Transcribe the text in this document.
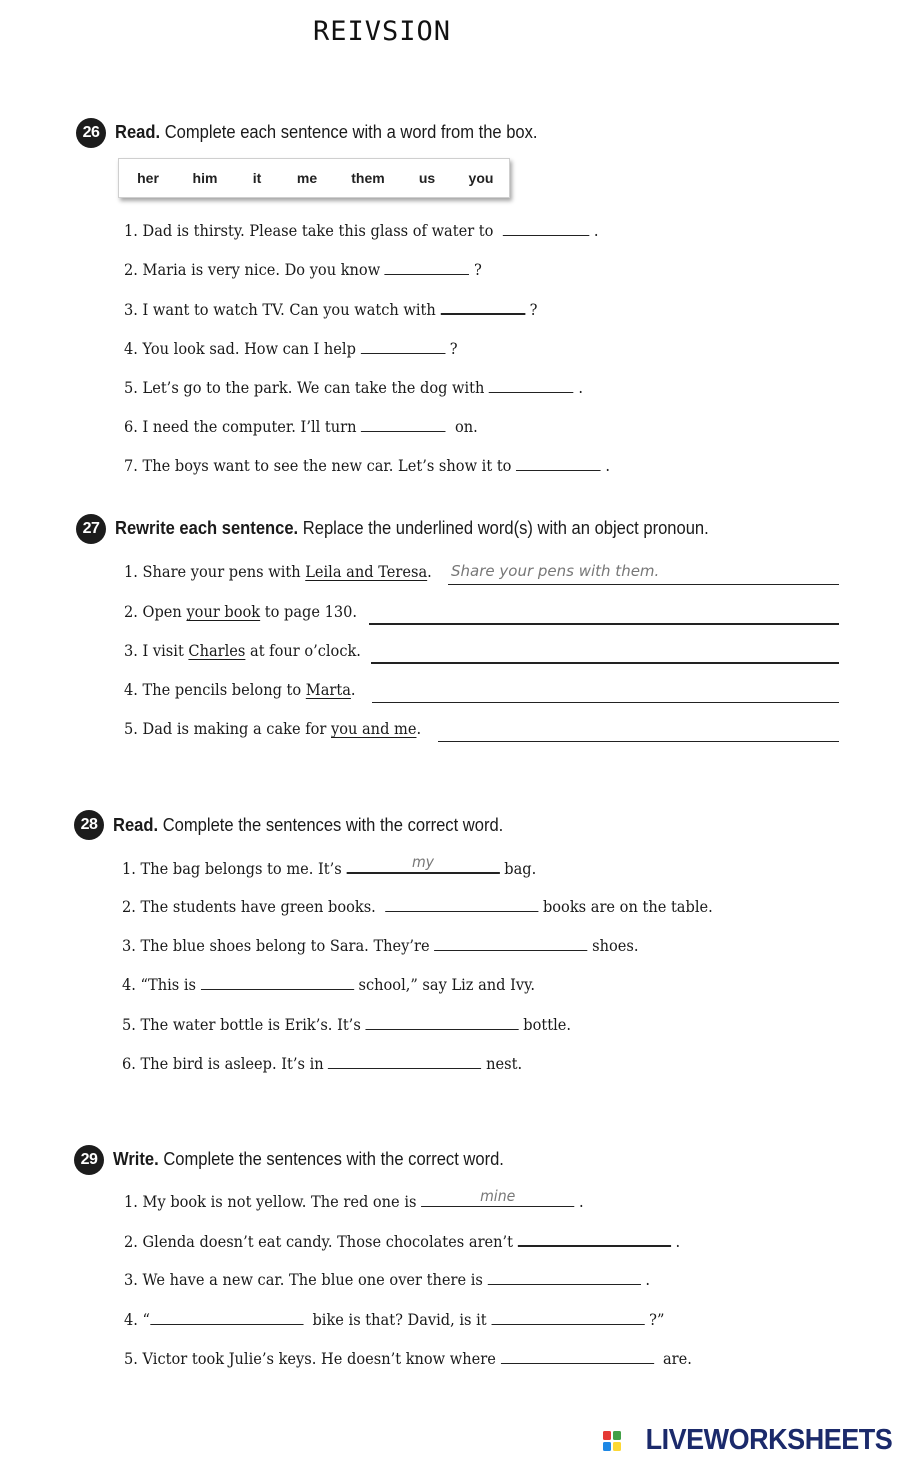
REIVSION
26 Read. Complete each sentence with a word from the box.
her him	it	me them us you
1. Dad is thirsty. Please take this glass of water to	.
2. Maria is very nice. Do you know	?
3. I want to watch TV. Can you watch with	?
4. You look sad. How can I help	?
5. Let’s go to the park. We can take the dog with	.
6. I need the computer. I’ll turn	on.
7. The boys want to see the new car. Let’s show it to	.
27 Rewrite each sentence. Replace the underlined word(s) with an object pronoun.
1. Share your pens with Leila and Teresa. Share your pens with them.
2. Open your book to page 130.
3. I visit Charles at four o’clock.
4. The pencils belong to Marta.
5. Dad is making a cake for you and me.
28 Read. Complete the sentences with the correct word.
1. The bag belongs to me. It’s	my	bag.
2. The students have green books.	books are on the table.
3. The blue shoes belong to Sara. They’re	shoes.
4. “This is	school,” say Liz and Ivy.
5. The water bottle is Erik’s. It’s	bottle.
6. The bird is asleep. It’s in	nest.
29 Write. Complete the sentences with the correct word.
1. My book is not yellow. The red one is	mine	.
2. Glenda doesn’t eat candy. Those chocolates aren’t	.
3. We have a new car. The blue one over there is	.
4. “	bike is that? David, is it	?”
5. Victor took Julie’s keys. He doesn’t know where	are.
LIVEWORKSHEETS
